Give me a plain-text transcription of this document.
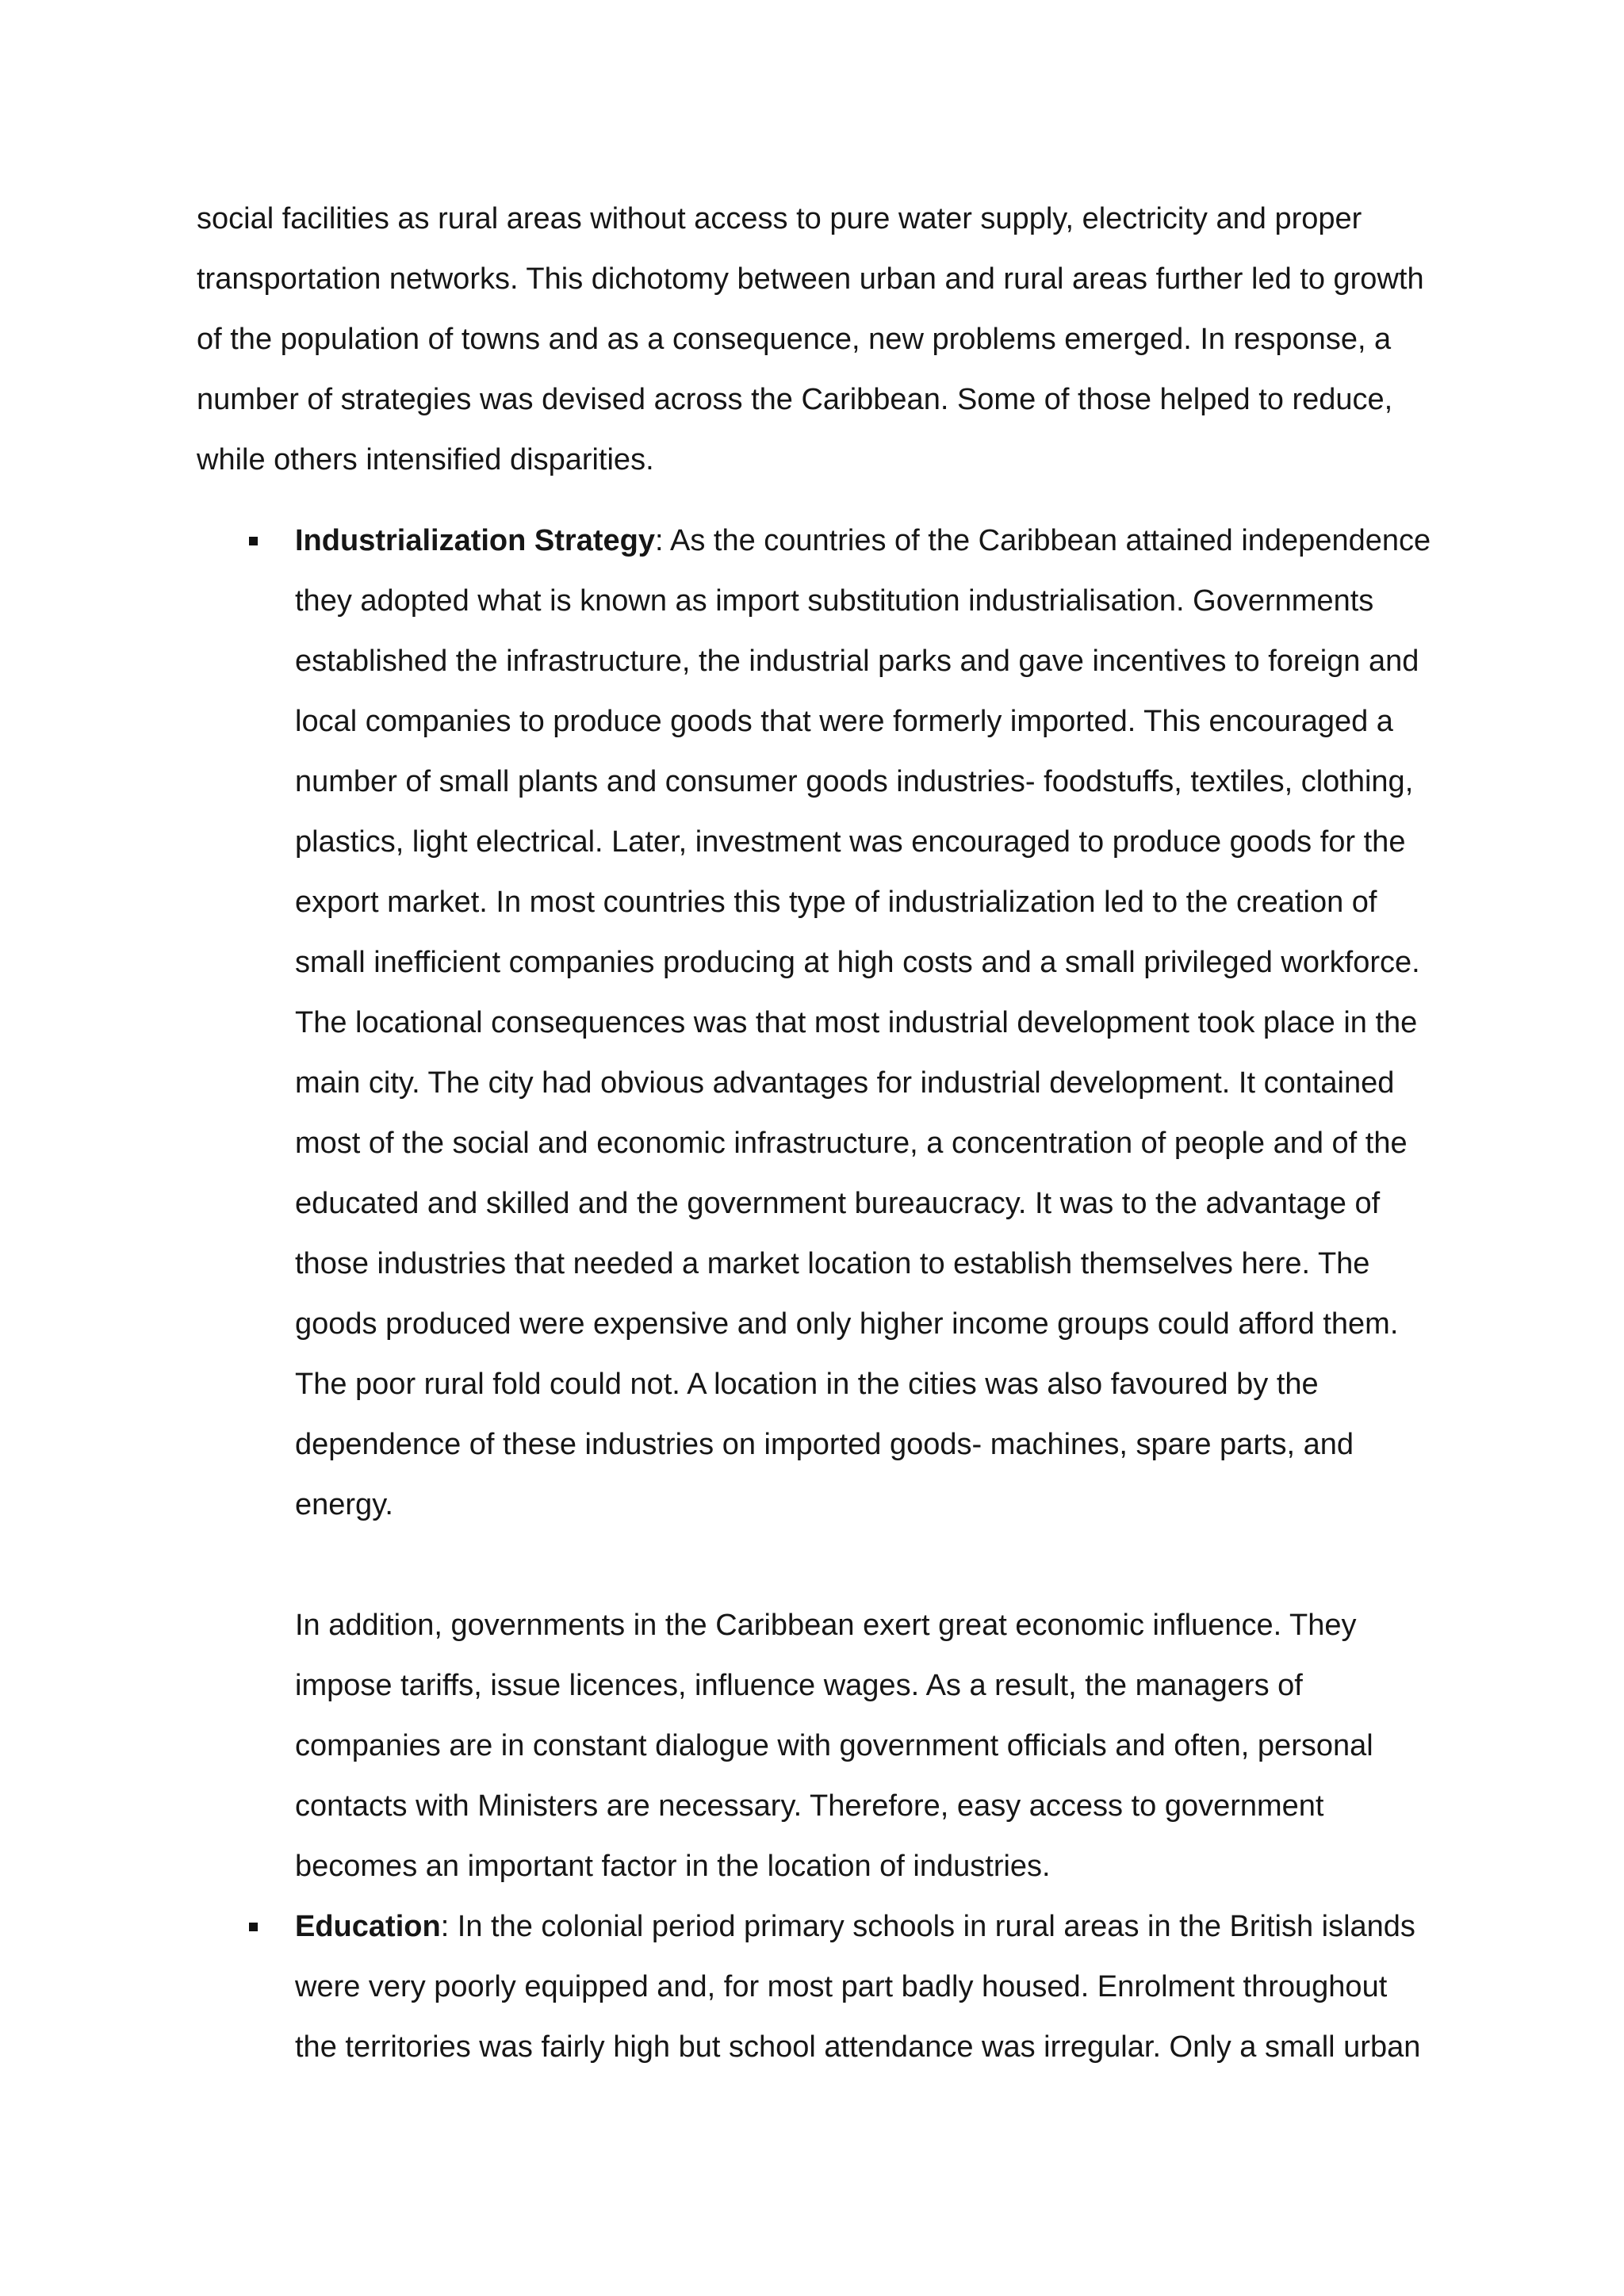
social facilities as rural areas without access to pure water supply, electricity and proper transportation networks. This dichotomy between urban and rural areas further led to growth of the population of towns and as a consequence, new problems emerged. In response, a number of strategies was devised across the Caribbean. Some of those helped to reduce, while others intensified disparities.

Industrialization Strategy: As the countries of the Caribbean attained independence they adopted what is known as import substitution industrialisation. Governments established the infrastructure, the industrial parks and gave incentives to foreign and local companies to produce goods that were formerly imported. This encouraged a number of small plants and consumer goods industries- foodstuffs, textiles, clothing, plastics, light electrical. Later, investment was encouraged to produce goods for the export market. In most countries this type of industrialization led to the creation of small inefficient companies producing at high costs and a small privileged workforce. The locational consequences was that most industrial development took place in the main city. The city had obvious advantages for industrial development. It contained most of the social and economic infrastructure, a concentration of people and of the educated and skilled and the government bureaucracy. It was to the advantage of those industries that needed a market location to establish themselves here. The goods produced were expensive and only higher income groups could afford them. The poor rural fold could not. A location in the cities was also favoured by the dependence of these industries on imported goods- machines, spare parts, and energy.

In addition, governments in the Caribbean exert great economic influence. They impose tariffs, issue licences, influence wages. As a result, the managers of companies are in constant dialogue with government officials and often, personal contacts with Ministers are necessary. Therefore, easy access to government becomes an important factor in the location of industries.

Education: In the colonial period primary schools in rural areas in the British islands were very poorly equipped and, for most part badly housed. Enrolment throughout the territories was fairly high but school attendance was irregular. Only a small urban
